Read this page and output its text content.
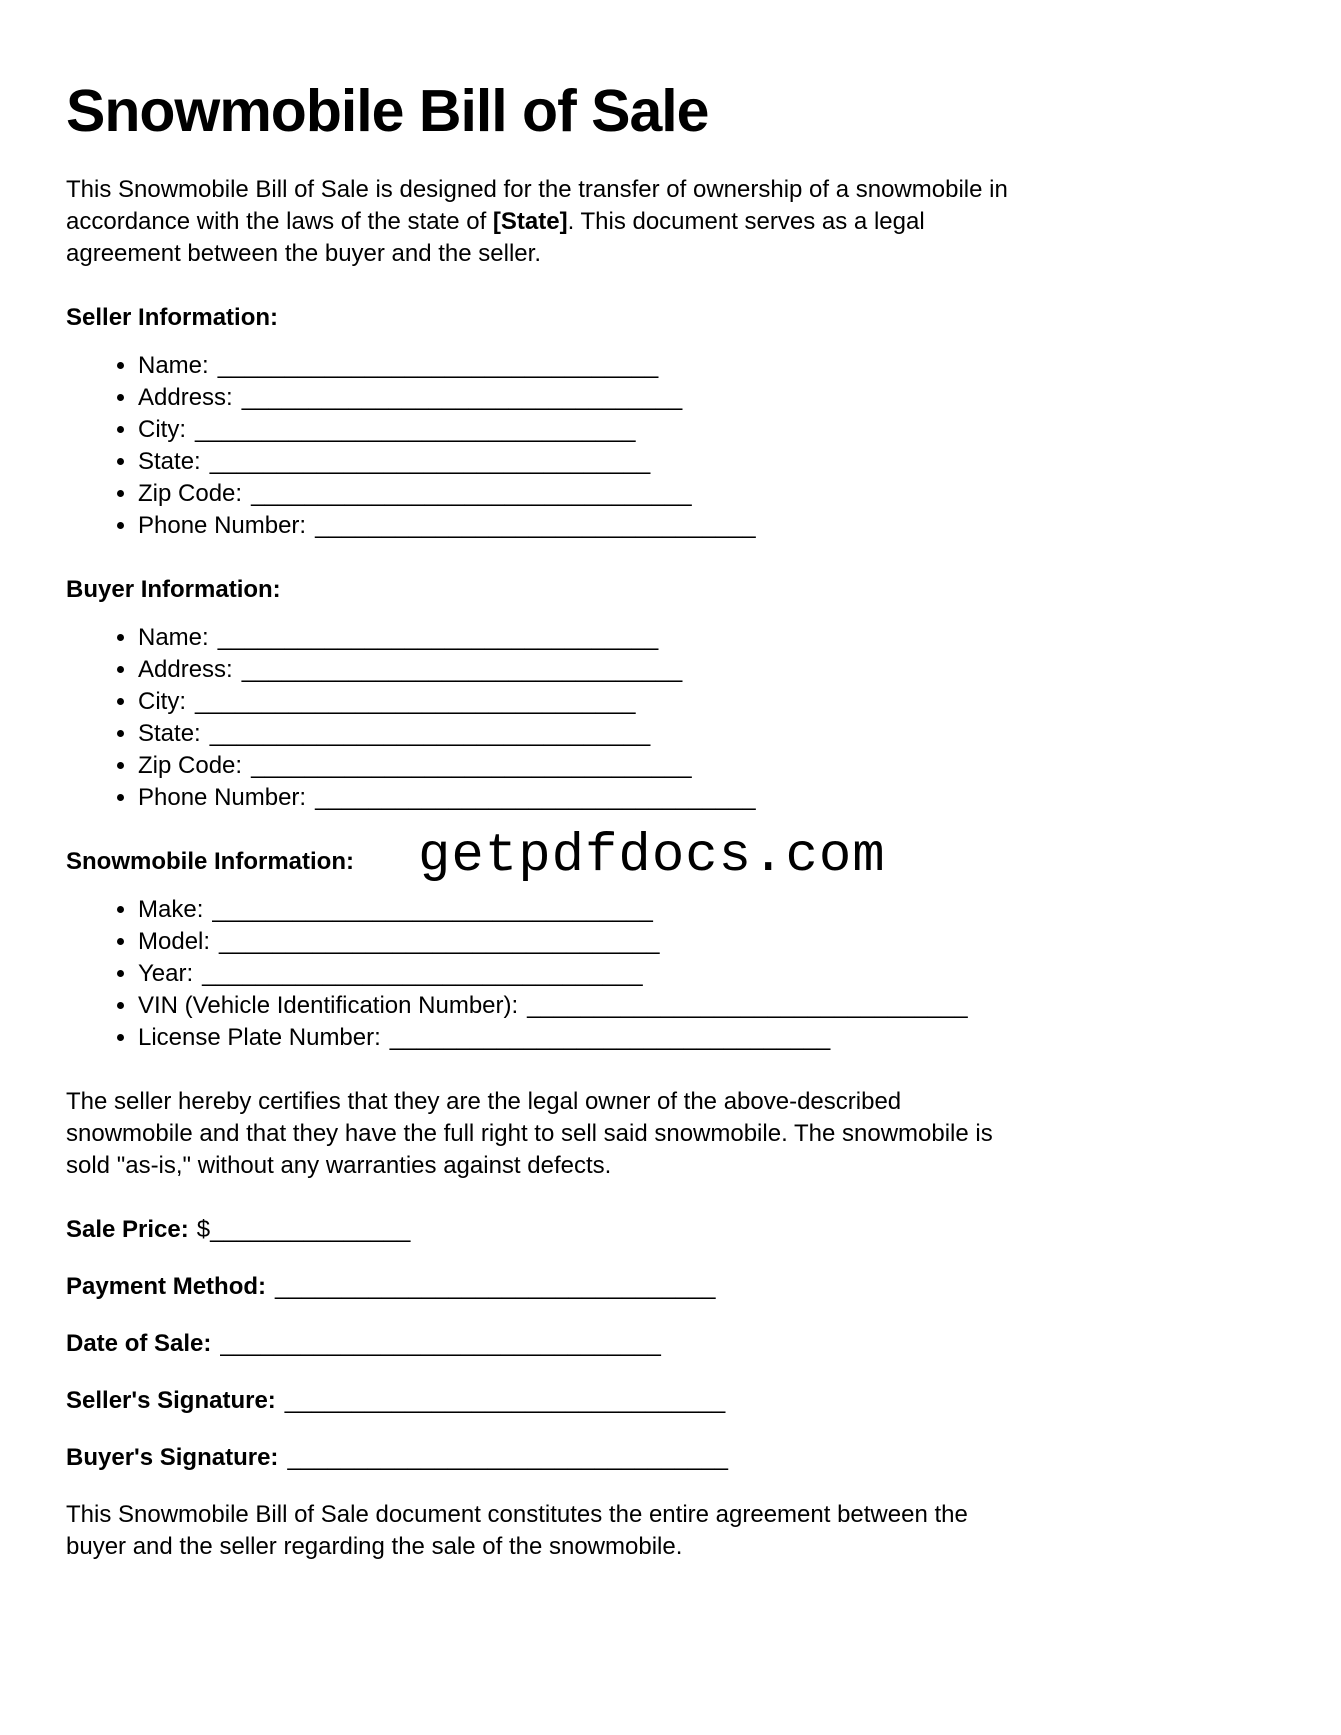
Snowmobile Bill of Sale
This Snowmobile Bill of Sale is designed for the transfer of ownership of a snowmobile in
accordance with the laws of the state of [State]. This document serves as a legal
agreement between the buyer and the seller.
Seller Information:
• Name: _________________________________
• Address: _________________________________
• City: _________________________________
• State: _________________________________
• Zip Code: _________________________________
• Phone Number: _________________________________
Buyer Information:
• Name: _________________________________
• Address: _________________________________
• City: _________________________________
• State: _________________________________
• Zip Code: _________________________________
• Phone Number: _________________________________
Snowmobile Information: getpdfdocs.com
• Make: _________________________________
• Model: _________________________________
• Year: _________________________________
• VIN (Vehicle Identification Number): _________________________________
• License Plate Number: _________________________________
The seller hereby certifies that they are the legal owner of the above-described
snowmobile and that they have the full right to sell said snowmobile. The snowmobile is
sold "as-is," without any warranties against defects.
Sale Price: $_______________
Payment Method: _________________________________
Date of Sale: _________________________________
Seller's Signature: _________________________________
Buyer's Signature: _________________________________
This Snowmobile Bill of Sale document constitutes the entire agreement between the
buyer and the seller regarding the sale of the snowmobile.
